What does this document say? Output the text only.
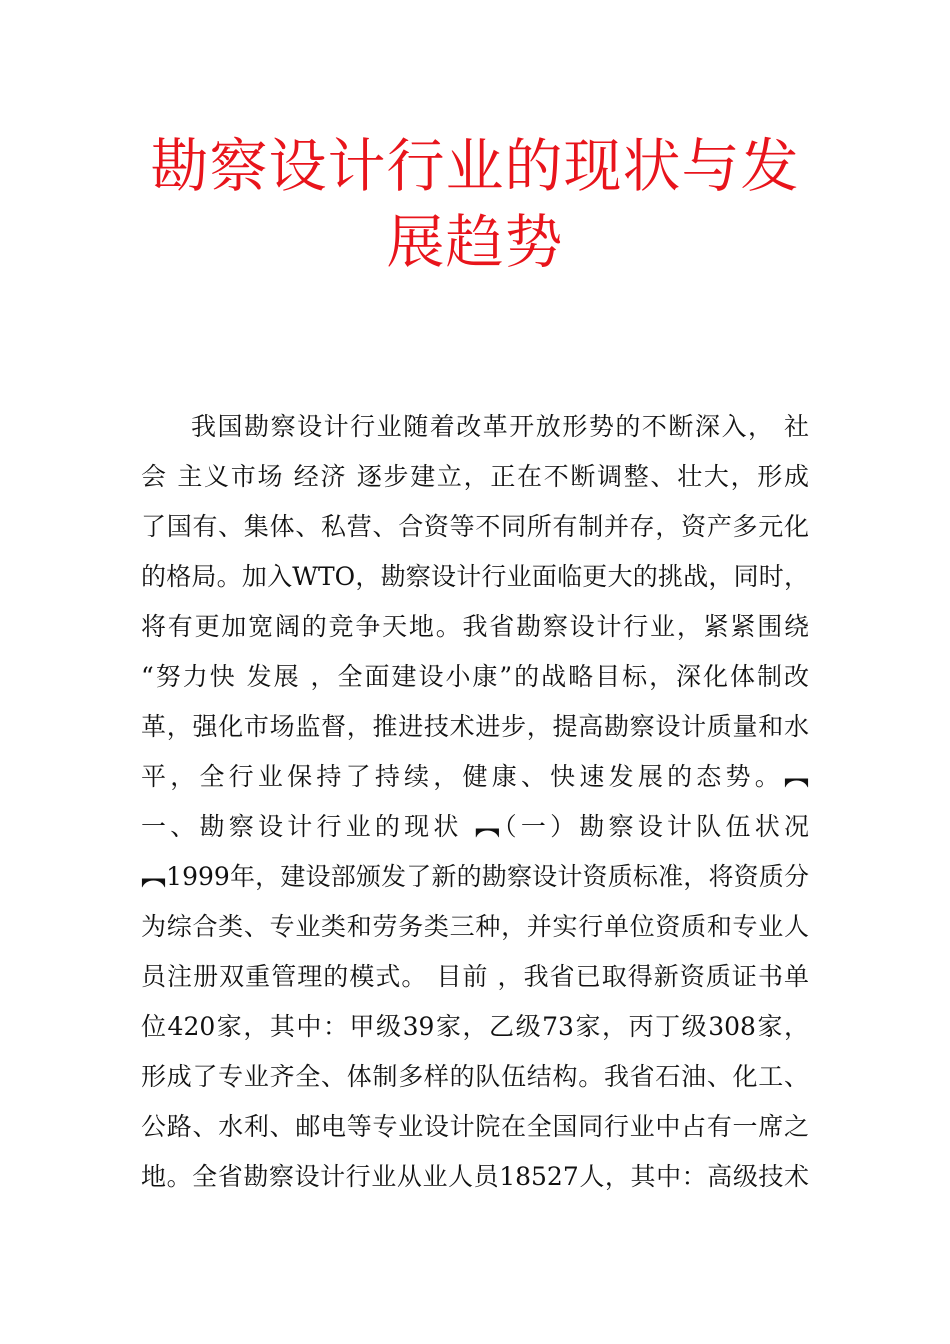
勘察设计行业的现状与发展趋势
我国勘察设计行业随着改革开放形势的不断深入， 社
会 主义市场 经济 逐步建立，正在不断调整、壮大，形成
了国有、集体、私营、合资等不同所有制并存，资产多元化
的格局。加入WTO，勘察设计行业面临更大的挑战，同时，
将有更加宽阔的竞争天地。我省勘察设计行业，紧紧围绕
“努力快 发展 ，全面建设小康”的战略目标，深化体制改
革，强化市场监督，推进技术进步，提高勘察设计质量和水
平，全行业保持了持续，健康、快速发展的态势。︻
一、勘察设计行业的现状 ︻（一）勘察设计队伍状况
︻1999年，建设部颁发了新的勘察设计资质标准，将资质分
为综合类、专业类和劳务类三种，并实行单位资质和专业人
员注册双重管理的模式。 目前 ，我省已取得新资质证书单
位420家，其中：甲级39家，乙级73家，丙丁级308家，
形成了专业齐全、体制多样的队伍结构。我省石油、化工、
公路、水利、邮电等专业设计院在全国同行业中占有一席之
地。全省勘察设计行业从业人员18527人，其中：高级技术
